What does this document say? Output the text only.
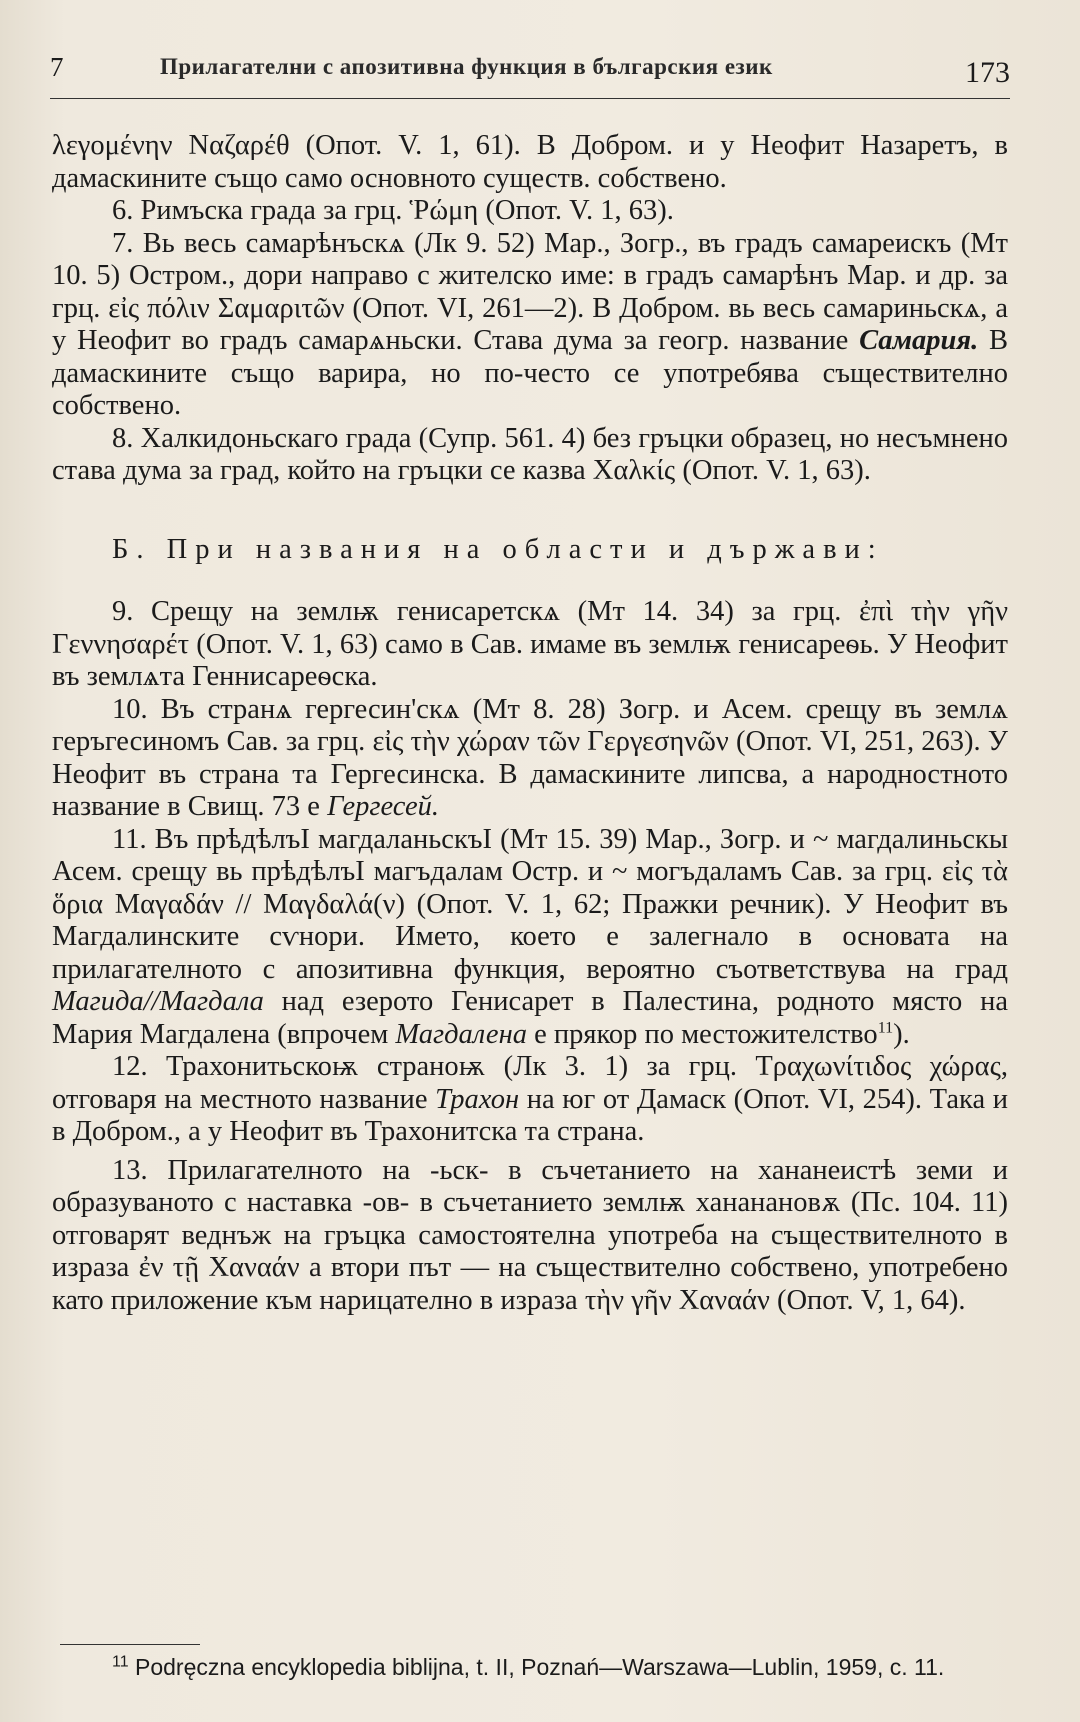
7	Прилагателни с апозитивна функция в българския език	173

λεγομένην Ναζαρέθ (Опот. V. 1, 61). В Добром. и у Неофит Назаретъ, в дамаскините също само основното существ. собствено.

6. Римъска града за грц. Ῥώμη (Опот. V. 1, 63).

7. Вь весь самарѣнъскѧ (Лк 9. 52) Мар., Зогр., въ градъ самареискъ (Мт 10. 5) Остром., дори направо с жителско име: в градъ самарѣнъ Мар. и др. за грц. εἰς πόλιν Σαμαριτῶν (Опот. VI, 261—2). В Добром. вь весь самариньскѧ, а у Неофит во градъ самарѧньски. Става дума за геогр. название Самария. В дамаскините също варира, но по-често се употребява съществително собствено.

8. Халкидоньскаго града (Супр. 561. 4) без гръцки образец, но несъмнено става дума за град, който на гръцки се казва Χαλκίς (Опот. V. 1, 63).

Б. При названия на области и държави:

9. Срещу на землѭ генисаретскѧ (Мт 14. 34) за грц. ἐπὶ τὴν γῆν Γεννησαρέτ (Опот. V. 1, 63) само в Сав. имаме въ землѭ генисареѳь. У Неофит въ землѧта Геннисареѳска.

10. Въ странѧ гергесин'скѧ (Мт 8. 28) Зогр. и Асем. срещу въ землѧ геръгесиномъ Сав. за грц. εἰς τὴν χώραν τῶν Γεργεσηνῶν (Опот. VI, 251, 263). У Неофит въ страна та Гергесинска. В дамаскините липсва, а народностното название в Свищ. 73 е Гергесей.

11. Въ прѣдѣлъІ магдаланьскъІ (Мт 15. 39) Мар., Зогр. и ~ магдалиньскы Асем. срещу вь прѣдѣлъІ магъдалам Остр. и ~ могъдаламъ Сав. за грц. εἰς τὰ ὅρια Μαγαδάν // Μαγδαλά(ν) (Опот. V. 1, 62; Пражки речник). У Неофит въ Магдалинските сѵнори. Името, което е залегнало в основата на прилагателното с апозитивна функция, вероятно съответствува на град Магида//Магдала над езерото Генисарет в Палестина, родното място на Мария Магдалена (впрочем Магдалена е прякор по местожителство$^{11}$).

12. Трахонитьскоѭ страноѭ (Лк 3. 1) за грц. Τραχωνίτιδος χώρας, отговаря на местното название Трахон на юг от Дамаск (Опот. VI, 254). Така и в Добром., а у Неофит въ Трахонитска та страна.

13. Прилагателното на -ьск- в съчетанието на хананеистѣ земи и образуваното с наставка -ов- в съчетанието землѭ хананановѫ (Пс. 104. 11) отговарят веднъж на гръцка самостоятелна употреба на съществителното в израза ἐν τῇ Χαναάν а втори път — на съществително собствено, употребено като приложение към нарицателно в израза τὴν γῆν Χαναάν (Опот. V, 1, 64).

$^{11}$ Podręczna encyklopedia biblijna, t. II, Poznań—Warszawa—Lublin, 1959, c. 11.
